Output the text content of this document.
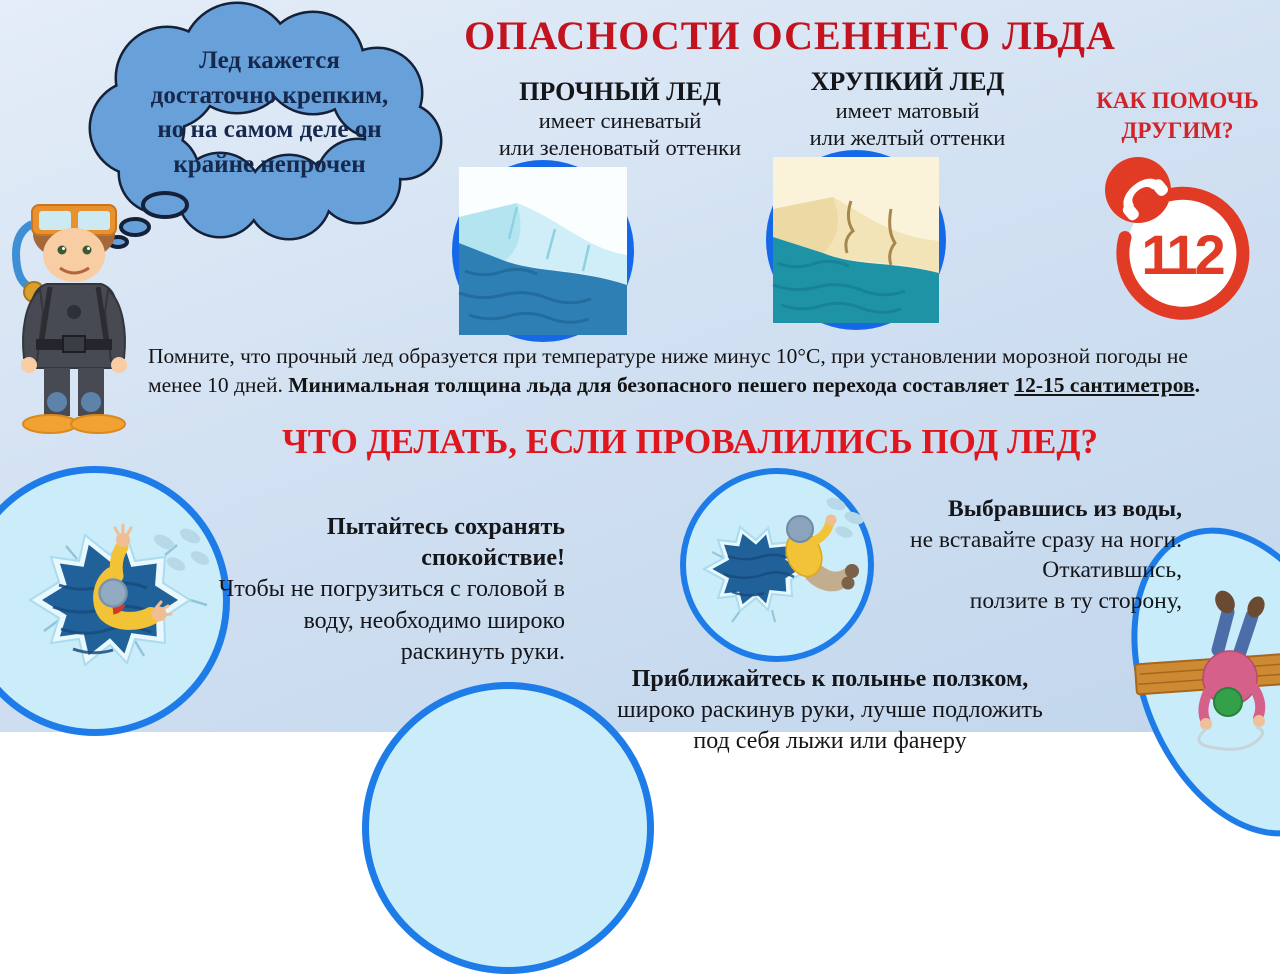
Лед кажется
достаточно крепким,
но на самом деле он
крайне непрочен
ОПАСНОСТИ ОСЕННЕГО ЛЬДА
ПРОЧНЫЙ ЛЕД
имеет синеватый
или зеленоватый оттенки
ХРУПКИЙ ЛЕД
имеет матовый
или желтый оттенки
КАК ПОМОЧЬ
ДРУГИМ?
112
Помните, что прочный лед образуется при температуре ниже минус 10°С, при установлении морозной погоды не
менее 10 дней. Минимальная толщина льда для безопасного пешего перехода составляет 12-15 сантиметров.
ЧТО ДЕЛАТЬ, ЕСЛИ ПРОВАЛИЛИСЬ ПОД ЛЕД?
Пытайтесь сохранять
спокойствие!
Чтобы не погрузиться с головой в
воду, необходимо широко
раскинуть руки.
Выбравшись из воды,
не вставайте сразу на ноги.
Откатившись,
ползите в ту сторону,
Приближайтесь к полынье ползком,
широко раскинув руки, лучше подложить
под себя лыжи или фанеру
